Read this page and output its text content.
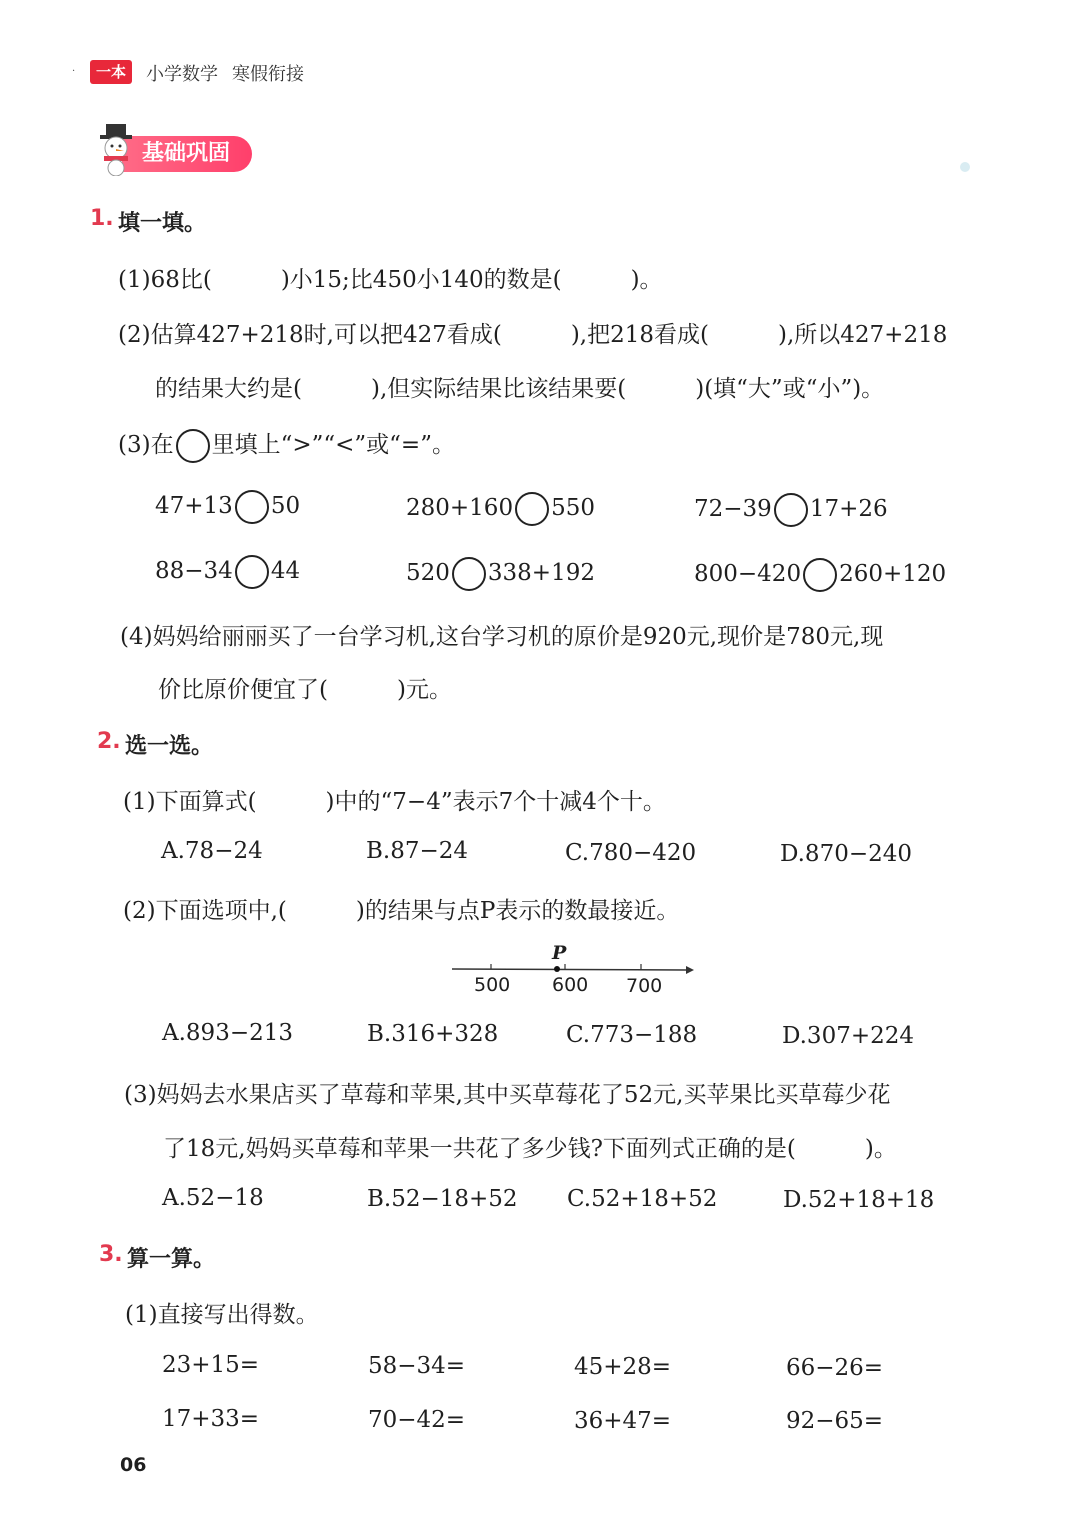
·	一本	小学数学 寒假衔接
基础巩固
1. 填一填。
(1)68比(　　　)小15;比450小140的数是(　　　)。
(2)估算427+218时,可以把427看成(　　　),把218看成(　　　),所以427+218
的结果大约是(　　　),但实际结果比该结果要(　　　)(填“大”或“小”)。
(3)在 里填上“>”“<”或“=”。
47+13 50	280+160 550	72−39 17+26
88−34 44	520 338+192	800−420 260+120
(4)妈妈给丽丽买了一台学习机,这台学习机的原价是920元,现价是780元,现
价比原价便宜了(　　　)元。
2. 选一选。
(1)下面算式(　　　)中的“7−4”表示7个十减4个十。
A.78−24	B.87−24	C.780−420	D.870−240
(2)下面选项中,(　　　)的结果与点P表示的数最接近。
P
500 600 700
A.893−213	B.316+328	C.773−188	D.307+224
(3)妈妈去水果店买了草莓和苹果,其中买草莓花了52元,买苹果比买草莓少花
了18元,妈妈买草莓和苹果一共花了多少钱?下面列式正确的是(　　　)。
A.52−18	B.52−18+52 C.52+18+52	D.52+18+18
3. 算一算。
(1)直接写出得数。
23+15=	58−34=	45+28=	66−26=
17+33=	70−42=	36+47=	92−65=
06
